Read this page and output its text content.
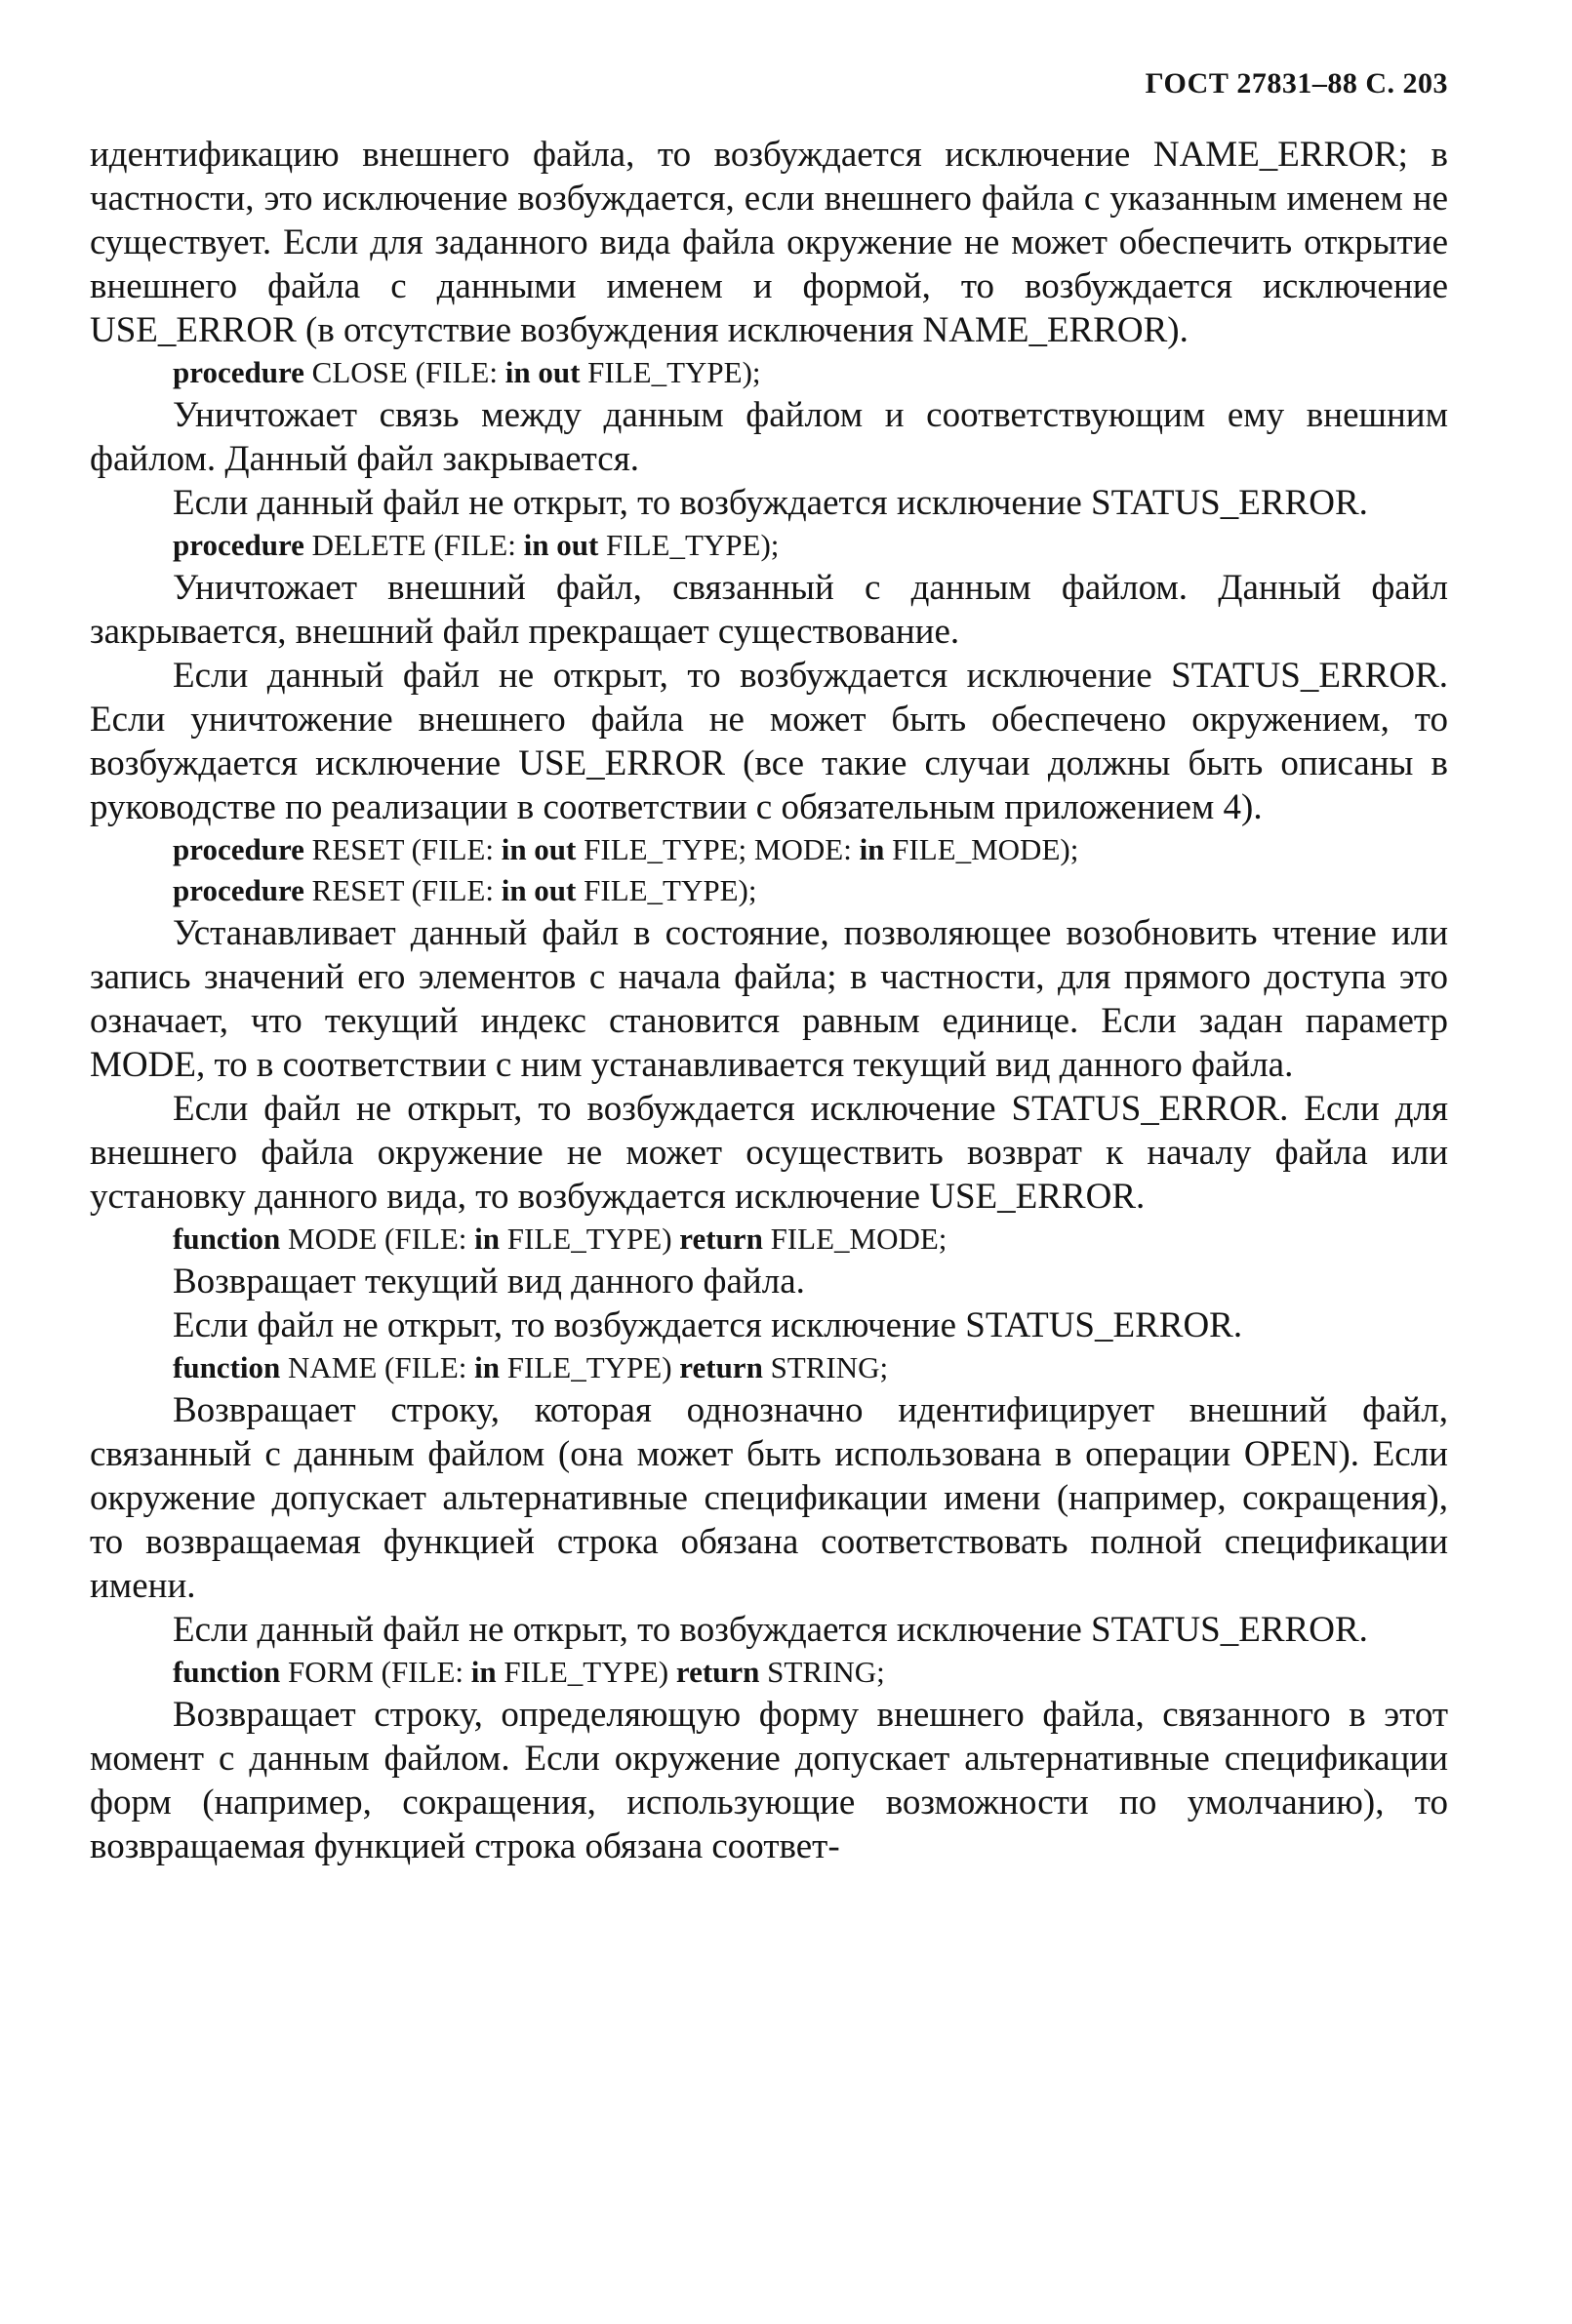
ГОСТ 27831–88 С. 203

идентификацию внешнего файла, то возбуждается исключение NAME_ERROR; в частности, это исключение возбуждается, если внешнего файла с указанным именем не существует. Если для заданного вида файла окружение не может обеспечить открытие внешнего файла с данными именем и формой, то возбуждается исключение USE_ERROR (в отсутствие возбуждения исключения NAME_ERROR).

procedure CLOSE (FILE: in out FILE_TYPE);

Уничтожает связь между данным файлом и соответствующим ему внешним файлом. Данный файл закрывается.

Если данный файл не открыт, то возбуждается исключение STATUS_ERROR.

procedure DELETE (FILE: in out FILE_TYPE);

Уничтожает внешний файл, связанный с данным файлом. Данный файл закрывается, внешний файл прекращает существование.

Если данный файл не открыт, то возбуждается исключение STATUS_ERROR. Если уничтожение внешнего файла не может быть обеспечено окружением, то возбуждается исключение USE_ERROR (все такие случаи должны быть описаны в руководстве по реализации в соответствии с обязательным приложением 4).

procedure RESET (FILE: in out FILE_TYPE; MODE: in FILE_MODE);
procedure RESET (FILE: in out FILE_TYPE);

Устанавливает данный файл в состояние, позволяющее возобновить чтение или запись значений его элементов с начала файла; в частности, для прямого доступа это означает, что текущий индекс становится равным единице. Если задан параметр MODE, то в соответствии с ним устанавливается текущий вид данного файла.

Если файл не открыт, то возбуждается исключение STATUS_ERROR. Если для внешнего файла окружение не может осуществить возврат к началу файла или установку данного вида, то возбуждается исключение USE_ERROR.

function MODE (FILE: in FILE_TYPE) return FILE_MODE;

Возвращает текущий вид данного файла.

Если файл не открыт, то возбуждается исключение STATUS_ERROR.

function NAME (FILE: in FILE_TYPE) return STRING;

Возвращает строку, которая однозначно идентифицирует внешний файл, связанный с данным файлом (она может быть использована в операции OPEN). Если окружение допускает альтернативные спецификации имени (например, сокращения), то возвращаемая функцией строка обязана соответствовать полной спецификации имени.

Если данный файл не открыт, то возбуждается исключение STATUS_ERROR.

function FORM (FILE: in FILE_TYPE) return STRING;

Возвращает строку, определяющую форму внешнего файла, связанного в этот момент с данным файлом. Если окружение допускает альтернативные спецификации форм (например, сокращения, использующие возможности по умолчанию), то возвращаемая функцией строка обязана соответ-
